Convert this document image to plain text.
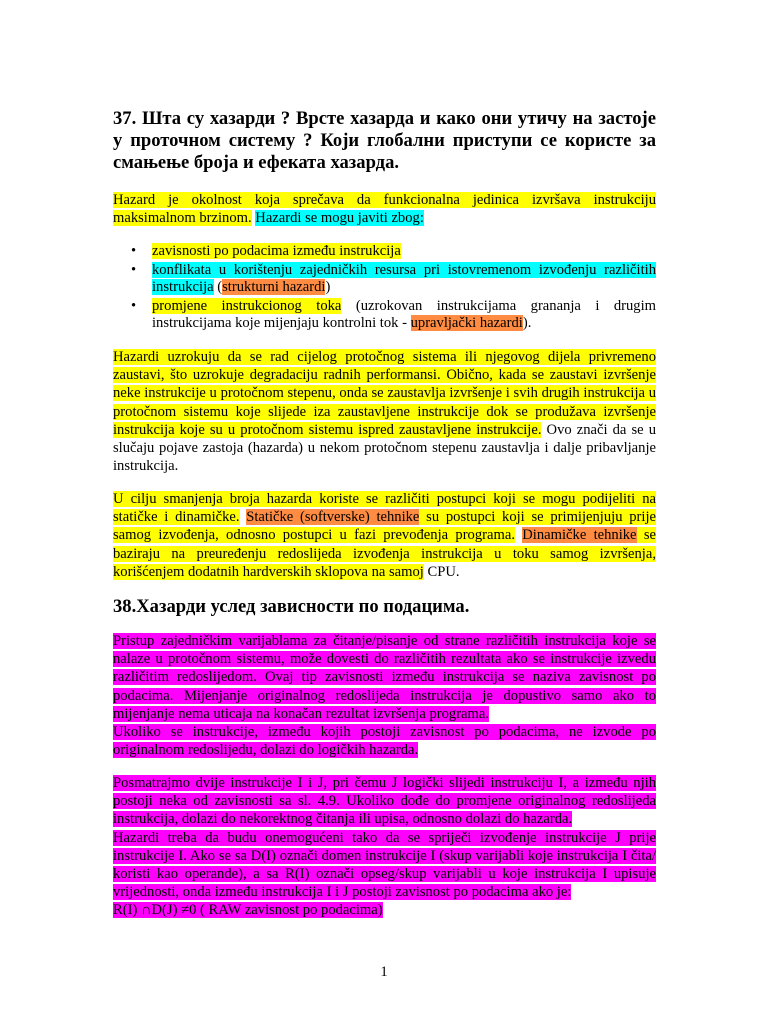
37. Шта су хазарди ? Врсте хазарда и како они утичу на застоје у проточном систему ? Који глобални приступи се користе за смањење броја и ефеката хазарда.

Hazard je okolnost koja sprečava da funkcionalna jedinica izvršava instrukciju maksimalnom brzinom. Hazardi se mogu javiti zbog:

• zavisnosti po podacima između instrukcija
• konflikata u korištenju zajedničkih resursa pri istovremenom izvođenju različitih instrukcija (strukturni hazardi)
• promjene instrukcionog toka (uzrokovan instrukcijama grananja i drugim instrukcijama koje mijenjaju kontrolni tok - upravljački hazardi).

Hazardi uzrokuju da se rad cijelog protočnog sistema ili njegovog dijela privremeno zaustavi, što uzrokuje degradaciju radnih performansi. Obično, kada se zaustavi izvršenje neke instrukcije u protočnom stepenu, onda se zaustavlja izvršenje i svih drugih instrukcija u protočnom sistemu koje slijede iza zaustavljene instrukcije dok se produžava izvršenje instrukcija koje su u protočnom sistemu ispred zaustavljene instrukcije. Ovo znači da se u slučaju pojave zastoja (hazarda) u nekom protočnom stepenu zaustavlja i dalje pribavljanje instrukcija.

U cilju smanjenja broja hazarda koriste se različiti postupci koji se mogu podijeliti na statičke i dinamičke. Statičke (softverske) tehnike su postupci koji se primijenjuju prije samog izvođenja, odnosno postupci u fazi prevođenja programa. Dinamičke tehnike se baziraju na preuređenju redoslijeda izvođenja instrukcija u toku samog izvršenja, korišćenjem dodatnih hardverskih sklopova na samoj CPU.

38.Хазарди услед зависности по подацима.

Pristup zajedničkim varijablama za čitanje/pisanje od strane različitih instrukcija koje se nalaze u protočnom sistemu, može dovesti do različitih rezultata ako se instrukcije izvedu različitim redoslijedom. Ovaj tip zavisnosti između instrukcija se naziva zavisnost po podacima. Mijenjanje originalnog redoslijeda instrukcija je dopustivo samo ako to mijenjanje nema uticaja na konačan rezultat izvršenja programa.

Ukoliko se instrukcije, između kojih postoji zavisnost po podacima, ne izvode po originalnom redoslijedu, dolazi do logičkih hazarda.

Posmatrajmo dvije instrukcije I i J, pri čemu J logički slijedi instrukciju I, a između njih postoji neka od zavisnosti sa sl. 4.9. Ukoliko dođe do promjene originalnog redoslijeda instrukcija, dolazi do nekorektnog čitanja ili upisa, odnosno dolazi do hazarda.

Hazardi treba da budu onemogućeni tako da se spriječi izvođenje instrukcije J prije instrukcije I. Ako se sa D(I) označi domen instrukcije I (skup varijabli koje instrukcija I čita/ koristi kao operande), a sa R(I) označi opseg/skup varijabli u koje instrukcija I upisuje vrijednosti, onda između instrukcija I i J postoji zavisnost po podacima ako je:

R(I) ∩D(J) ≠0 ( RAW zavisnost po podacima)

1
